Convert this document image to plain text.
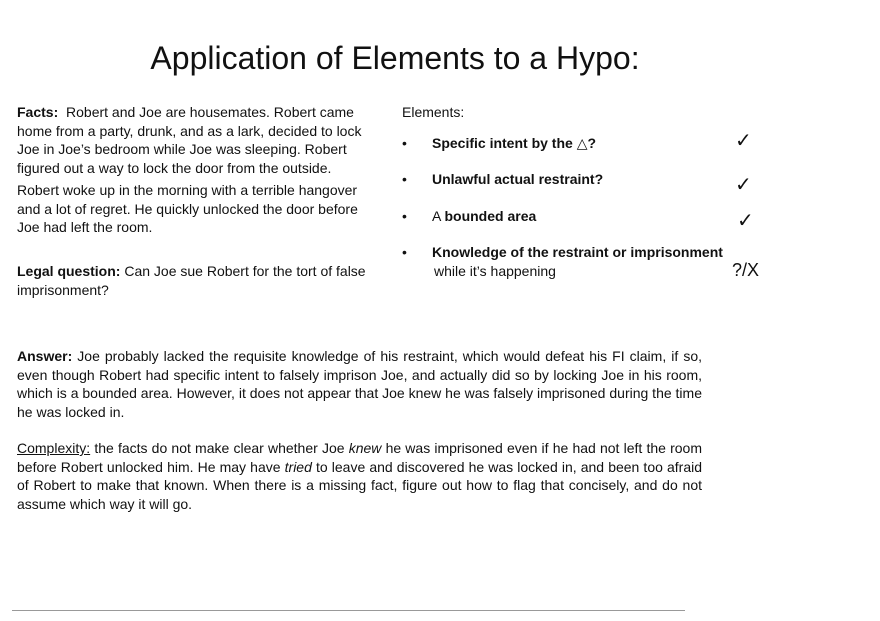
Application of Elements to a Hypo:

Facts: Robert and Joe are housemates. Robert came home from a party, drunk, and as a lark, decided to lock Joe in Joe’s bedroom while Joe was sleeping. Robert figured out a way to lock the door from the outside.

Robert woke up in the morning with a terrible hangover and a lot of regret. He quickly unlocked the door before Joe had left the room.

Legal question: Can Joe sue Robert for the tort of false imprisonment?
Elements:
• Specific intent by the △?
• Unlawful actual restraint?
• A bounded area
• Knowledge of the restraint or imprisonment
while it’s happening
✓
✓
✓
?/X

Answer: Joe probably lacked the requisite knowledge of his restraint, which would defeat his FI claim, if so, even though Robert had specific intent to falsely imprison Joe, and actually did so by locking Joe in his room, which is a bounded area. However, it does not appear that Joe knew he was falsely imprisoned during the time he was locked in.

Complexity: the facts do not make clear whether Joe knew he was imprisoned even if he had not left the room before Robert unlocked him. He may have tried to leave and discovered he was locked in, and been too afraid of Robert to make that known. When there is a missing fact, figure out how to flag that concisely, and do not assume which way it will go.
